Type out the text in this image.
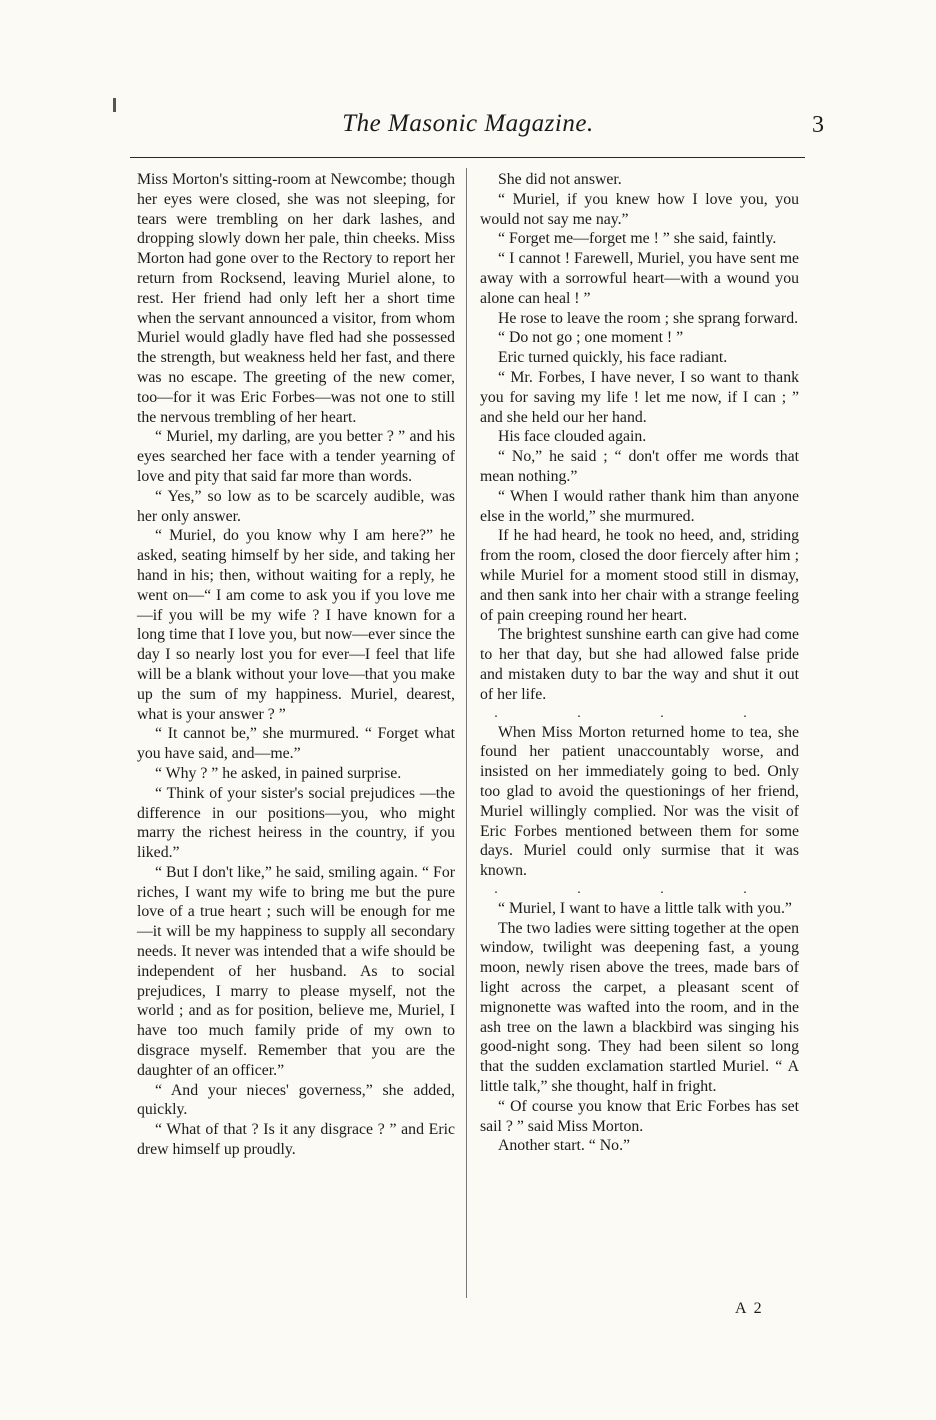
The Masonic Magazine.	3

Miss Morton's sitting-room at Newcombe; though her eyes were closed, she was not sleeping, for tears were trembling on her dark lashes, and dropping slowly down her pale, thin cheeks. Miss Morton had gone over to the Rectory to report her return from Rocksend, leaving Muriel alone, to rest. Her friend had only left her a short time when the servant announced a visitor, from whom Muriel would gladly have fled had she possessed the strength, but weakness held her fast, and there was no escape. The greeting of the new comer, too—for it was Eric Forbes—was not one to still the nervous trembling of her heart.

“ Muriel, my darling, are you better ? ” and his eyes searched her face with a tender yearning of love and pity that said far more than words.

“ Yes,” so low as to be scarcely audible, was her only answer.

“ Muriel, do you know why I am here?” he asked, seating himself by her side, and taking her hand in his; then, without waiting for a reply, he went on—“ I am come to ask you if you love me—if you will be my wife ? I have known for a long time that I love you, but now—ever since the day I so nearly lost you for ever—I feel that life will be a blank without your love—that you make up the sum of my happiness. Muriel, dearest, what is your answer ? ”

“ It cannot be,” she murmured. “ Forget what you have said, and—me.”

“ Why ? ” he asked, in pained surprise.

“ Think of your sister's social prejudices —the difference in our positions—you, who might marry the richest heiress in the country, if you liked.”

“ But I don't like,” he said, smiling again. “ For riches, I want my wife to bring me but the pure love of a true heart ; such will be enough for me—it will be my happiness to supply all secondary needs. It never was intended that a wife should be independent of her husband. As to social prejudices, I marry to please myself, not the world ; and as for position, believe me, Muriel, I have too much family pride of my own to disgrace myself. Remember that you are the daughter of an officer.”

“ And your nieces' governess,” she added, quickly.

“ What of that ? Is it any disgrace ? ” and Eric drew himself up proudly.

She did not answer.

“ Muriel, if you knew how I love you, you would not say me nay.”

“ Forget me—forget me ! ” she said, faintly.

“ I cannot ! Farewell, Muriel, you have sent me away with a sorrowful heart—with a wound you alone can heal ! ”

He rose to leave the room ; she sprang forward.

“ Do not go ; one moment ! ”

Eric turned quickly, his face radiant.

“ Mr. Forbes, I have never, I so want to thank you for saving my life ! let me now, if I can ; ” and she held our her hand.

His face clouded again.

“ No,” he said ; “ don't offer me words that mean nothing.”

“ When I would rather thank him than anyone else in the world,” she murmured.

If he had heard, he took no heed, and, striding from the room, closed the door fiercely after him ; while Muriel for a moment stood still in dismay, and then sank into her chair with a strange feeling of pain creeping round her heart.

The brightest sunshine earth can give had come to her that day, but she had allowed false pride and mistaken duty to bar the way and shut it out of her life.

. . . .

When Miss Morton returned home to tea, she found her patient unaccountably worse, and insisted on her immediately going to bed. Only too glad to avoid the questionings of her friend, Muriel willingly complied. Nor was the visit of Eric Forbes mentioned between them for some days. Muriel could only surmise that it was known.

. . . .

“ Muriel, I want to have a little talk with you.”

The two ladies were sitting together at the open window, twilight was deepening fast, a young moon, newly risen above the trees, made bars of light across the carpet, a pleasant scent of mignonette was wafted into the room, and in the ash tree on the lawn a blackbird was singing his good-night song. They had been silent so long that the sudden exclamation startled Muriel. “ A little talk,” she thought, half in fright.

“ Of course you know that Eric Forbes has set sail ? ” said Miss Morton.

Another start. “ No.”

A 2
